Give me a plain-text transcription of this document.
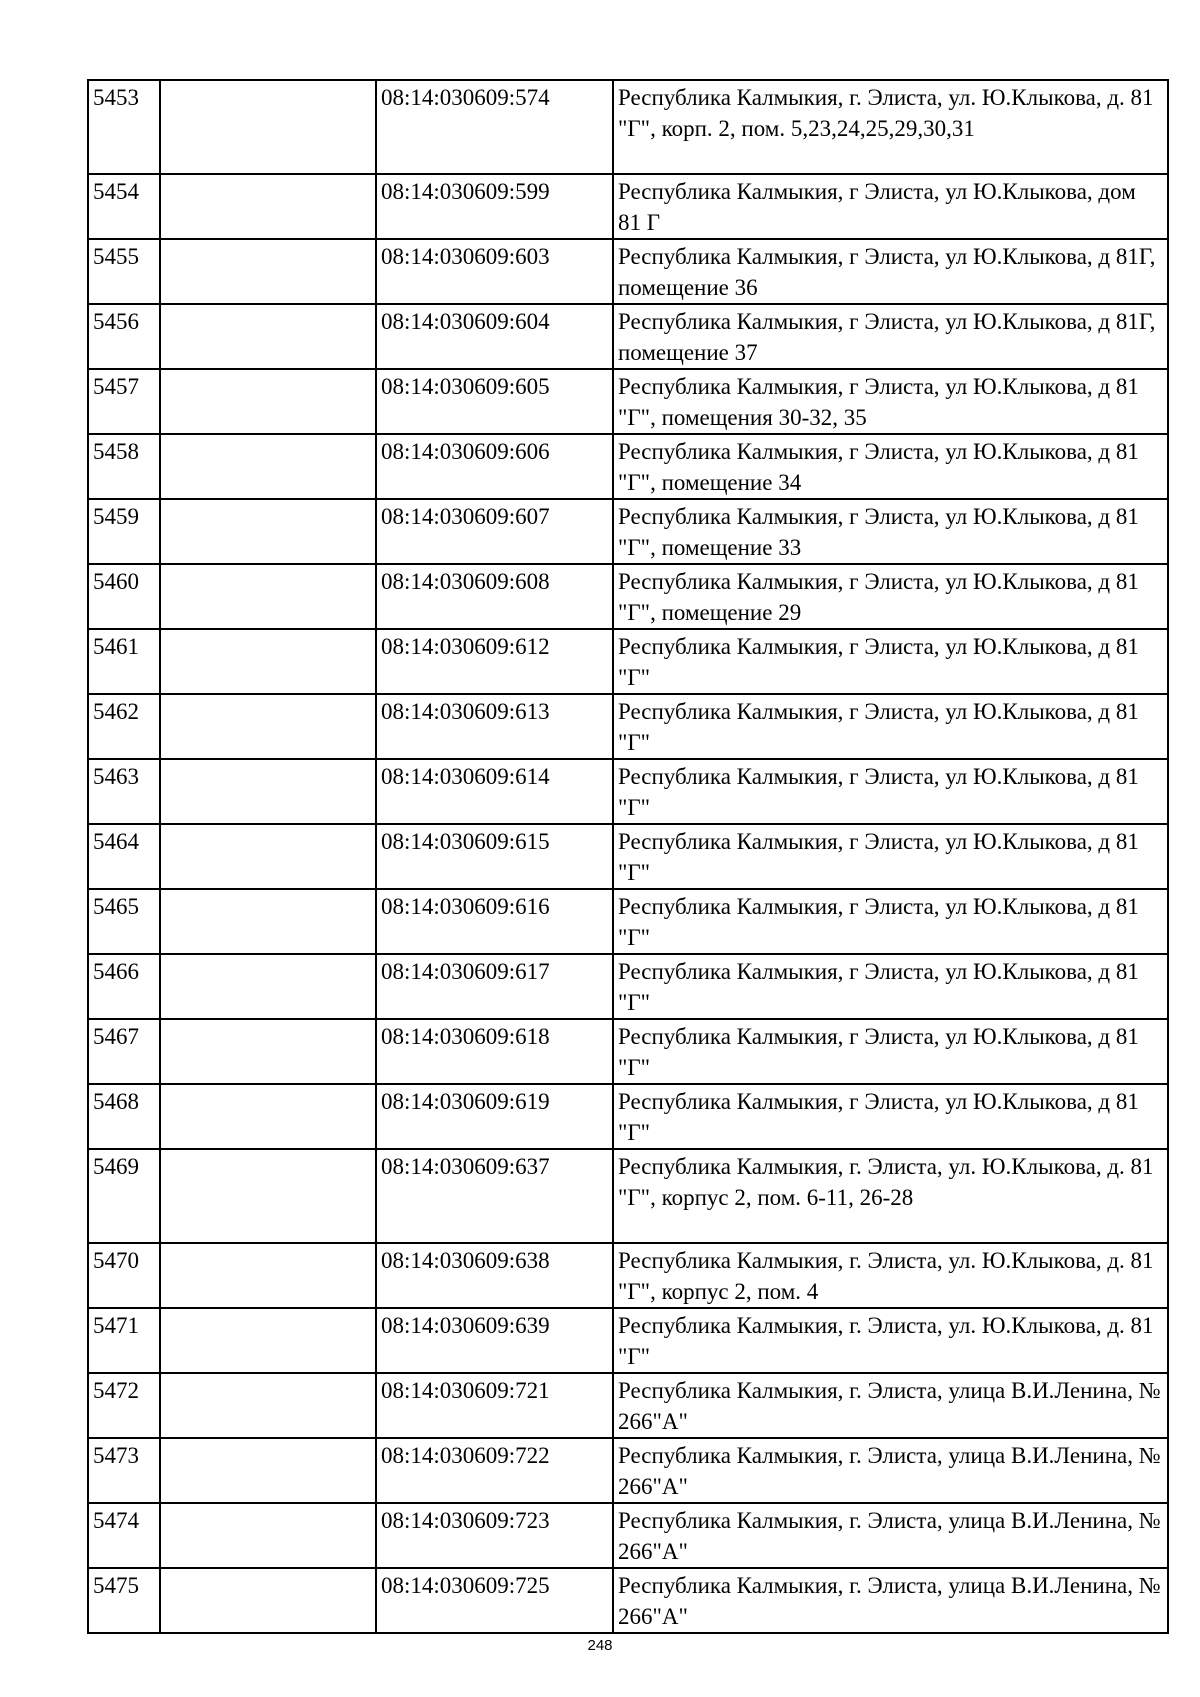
5453		08:14:030609:574	Республика Калмыкия, г. Элиста, ул. Ю.Клыкова, д. 81 "Г", корп. 2, пом. 5,23,24,25,29,30,31
5454		08:14:030609:599	Республика Калмыкия, г Элиста, ул Ю.Клыкова, дом 81 Г
5455		08:14:030609:603	Республика Калмыкия, г Элиста, ул Ю.Клыкова, д 81Г, помещение 36
5456		08:14:030609:604	Республика Калмыкия, г Элиста, ул Ю.Клыкова, д 81Г, помещение 37
5457		08:14:030609:605	Республика Калмыкия, г Элиста, ул Ю.Клыкова, д 81 "Г", помещения 30-32, 35
5458		08:14:030609:606	Республика Калмыкия, г Элиста, ул Ю.Клыкова, д 81 "Г", помещение 34
5459		08:14:030609:607	Республика Калмыкия, г Элиста, ул Ю.Клыкова, д 81 "Г", помещение 33
5460		08:14:030609:608	Республика Калмыкия, г Элиста, ул Ю.Клыкова, д 81 "Г", помещение 29
5461		08:14:030609:612	Республика Калмыкия, г Элиста, ул Ю.Клыкова, д 81 "Г"
5462		08:14:030609:613	Республика Калмыкия, г Элиста, ул Ю.Клыкова, д 81 "Г"
5463		08:14:030609:614	Республика Калмыкия, г Элиста, ул Ю.Клыкова, д 81 "Г"
5464		08:14:030609:615	Республика Калмыкия, г Элиста, ул Ю.Клыкова, д 81 "Г"
5465		08:14:030609:616	Республика Калмыкия, г Элиста, ул Ю.Клыкова, д 81 "Г"
5466		08:14:030609:617	Республика Калмыкия, г Элиста, ул Ю.Клыкова, д 81 "Г"
5467		08:14:030609:618	Республика Калмыкия, г Элиста, ул Ю.Клыкова, д 81 "Г"
5468		08:14:030609:619	Республика Калмыкия, г Элиста, ул Ю.Клыкова, д 81 "Г"
5469		08:14:030609:637	Республика Калмыкия, г. Элиста, ул. Ю.Клыкова, д. 81 "Г", корпус 2, пом. 6-11, 26-28
5470		08:14:030609:638	Республика Калмыкия, г. Элиста, ул. Ю.Клыкова, д. 81 "Г", корпус 2, пом. 4
5471		08:14:030609:639	Республика Калмыкия, г. Элиста, ул. Ю.Клыкова, д. 81 "Г"
5472		08:14:030609:721	Республика Калмыкия, г. Элиста, улица В.И.Ленина, № 266"А"
5473		08:14:030609:722	Республика Калмыкия, г. Элиста, улица В.И.Ленина, № 266"А"
5474		08:14:030609:723	Республика Калмыкия, г. Элиста, улица В.И.Ленина, № 266"А"
5475		08:14:030609:725	Республика Калмыкия, г. Элиста, улица В.И.Ленина, № 266"А"
248
